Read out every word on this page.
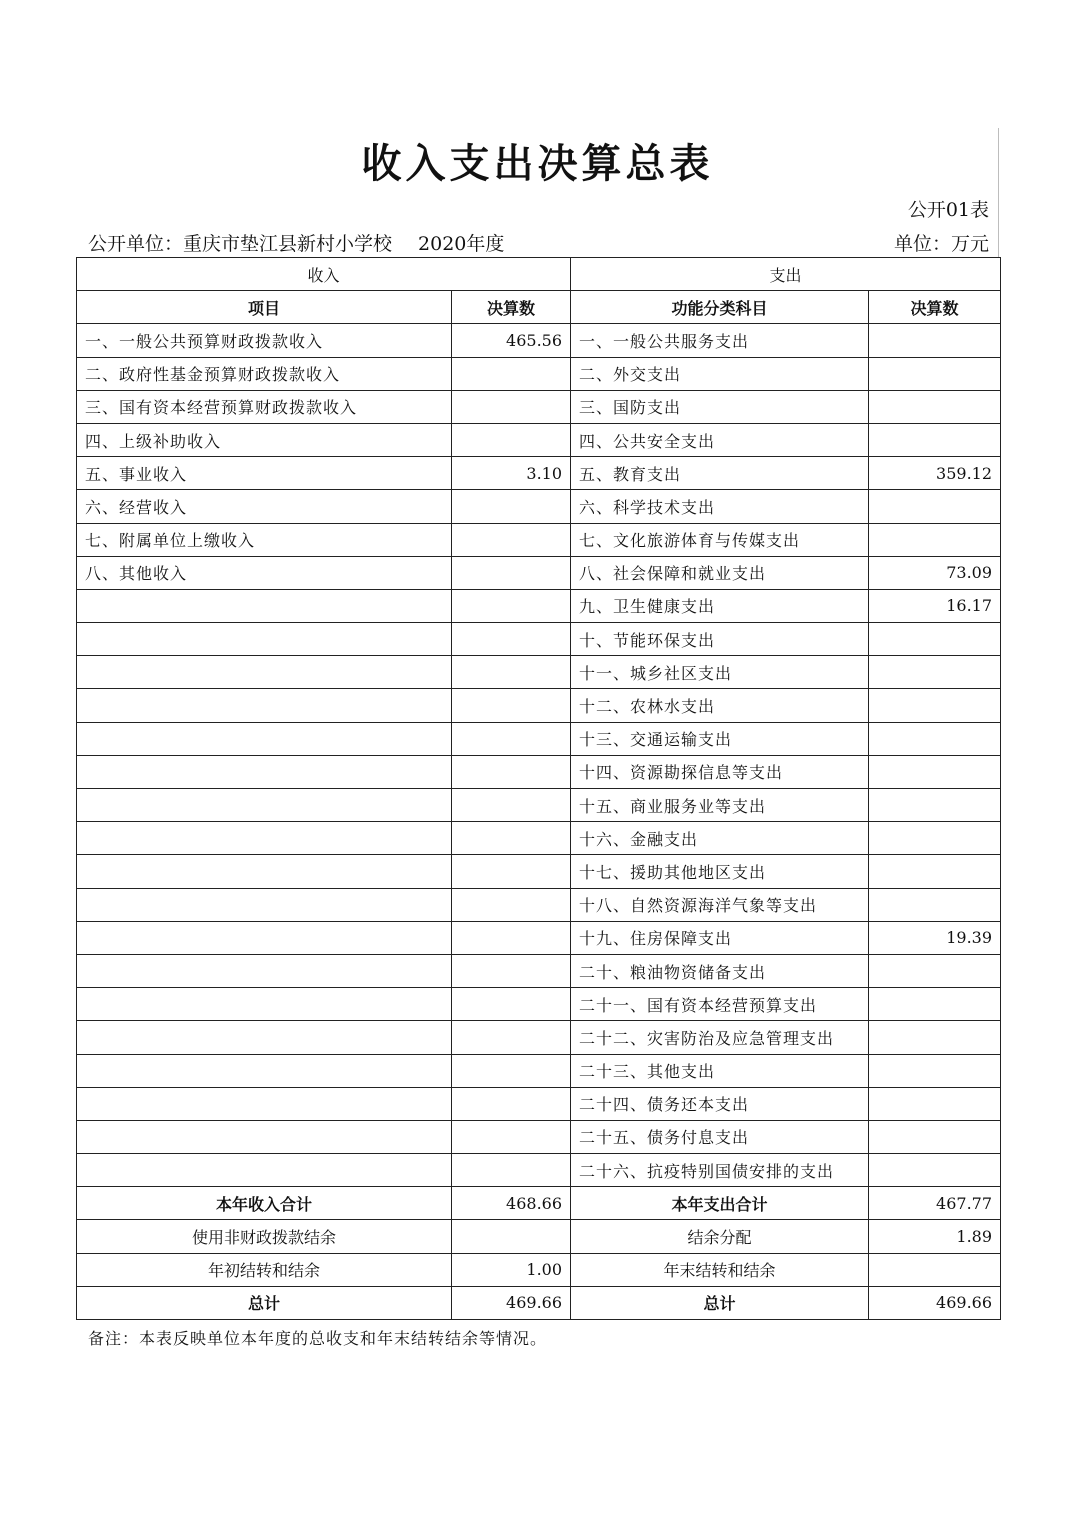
收入支出决算总表
公开01表
公开单位：重庆市垫江县新村小学校 2020年度	单位：万元
收入		支出	
项目	决算数	功能分类科目	决算数
一、一般公共预算财政拨款收入	465.56	一、一般公共服务支出	
二、政府性基金预算财政拨款收入		二、外交支出	
三、国有资本经营预算财政拨款收入		三、国防支出	
四、上级补助收入		四、公共安全支出	
五、事业收入	3.10	五、教育支出	359.12
六、经营收入		六、科学技术支出	
七、附属单位上缴收入		七、文化旅游体育与传媒支出	
八、其他收入		八、社会保障和就业支出	73.09
		九、卫生健康支出	16.17
		十、节能环保支出	
		十一、城乡社区支出	
		十二、农林水支出	
		十三、交通运输支出	
		十四、资源勘探信息等支出	
		十五、商业服务业等支出	
		十六、金融支出	
		十七、援助其他地区支出	
		十八、自然资源海洋气象等支出	
		十九、住房保障支出	19.39
		二十、粮油物资储备支出	
		二十一、国有资本经营预算支出	
		二十二、灾害防治及应急管理支出	
		二十三、其他支出	
		二十四、债务还本支出	
		二十五、债务付息支出	
		二十六、抗疫特别国债安排的支出	
本年收入合计	468.66	本年支出合计	467.77
使用非财政拨款结余		结余分配	1.89
年初结转和结余	1.00	年末结转和结余	
总计	469.66	总计	469.66
备注：本表反映单位本年度的总收支和年末结转结余等情况。
